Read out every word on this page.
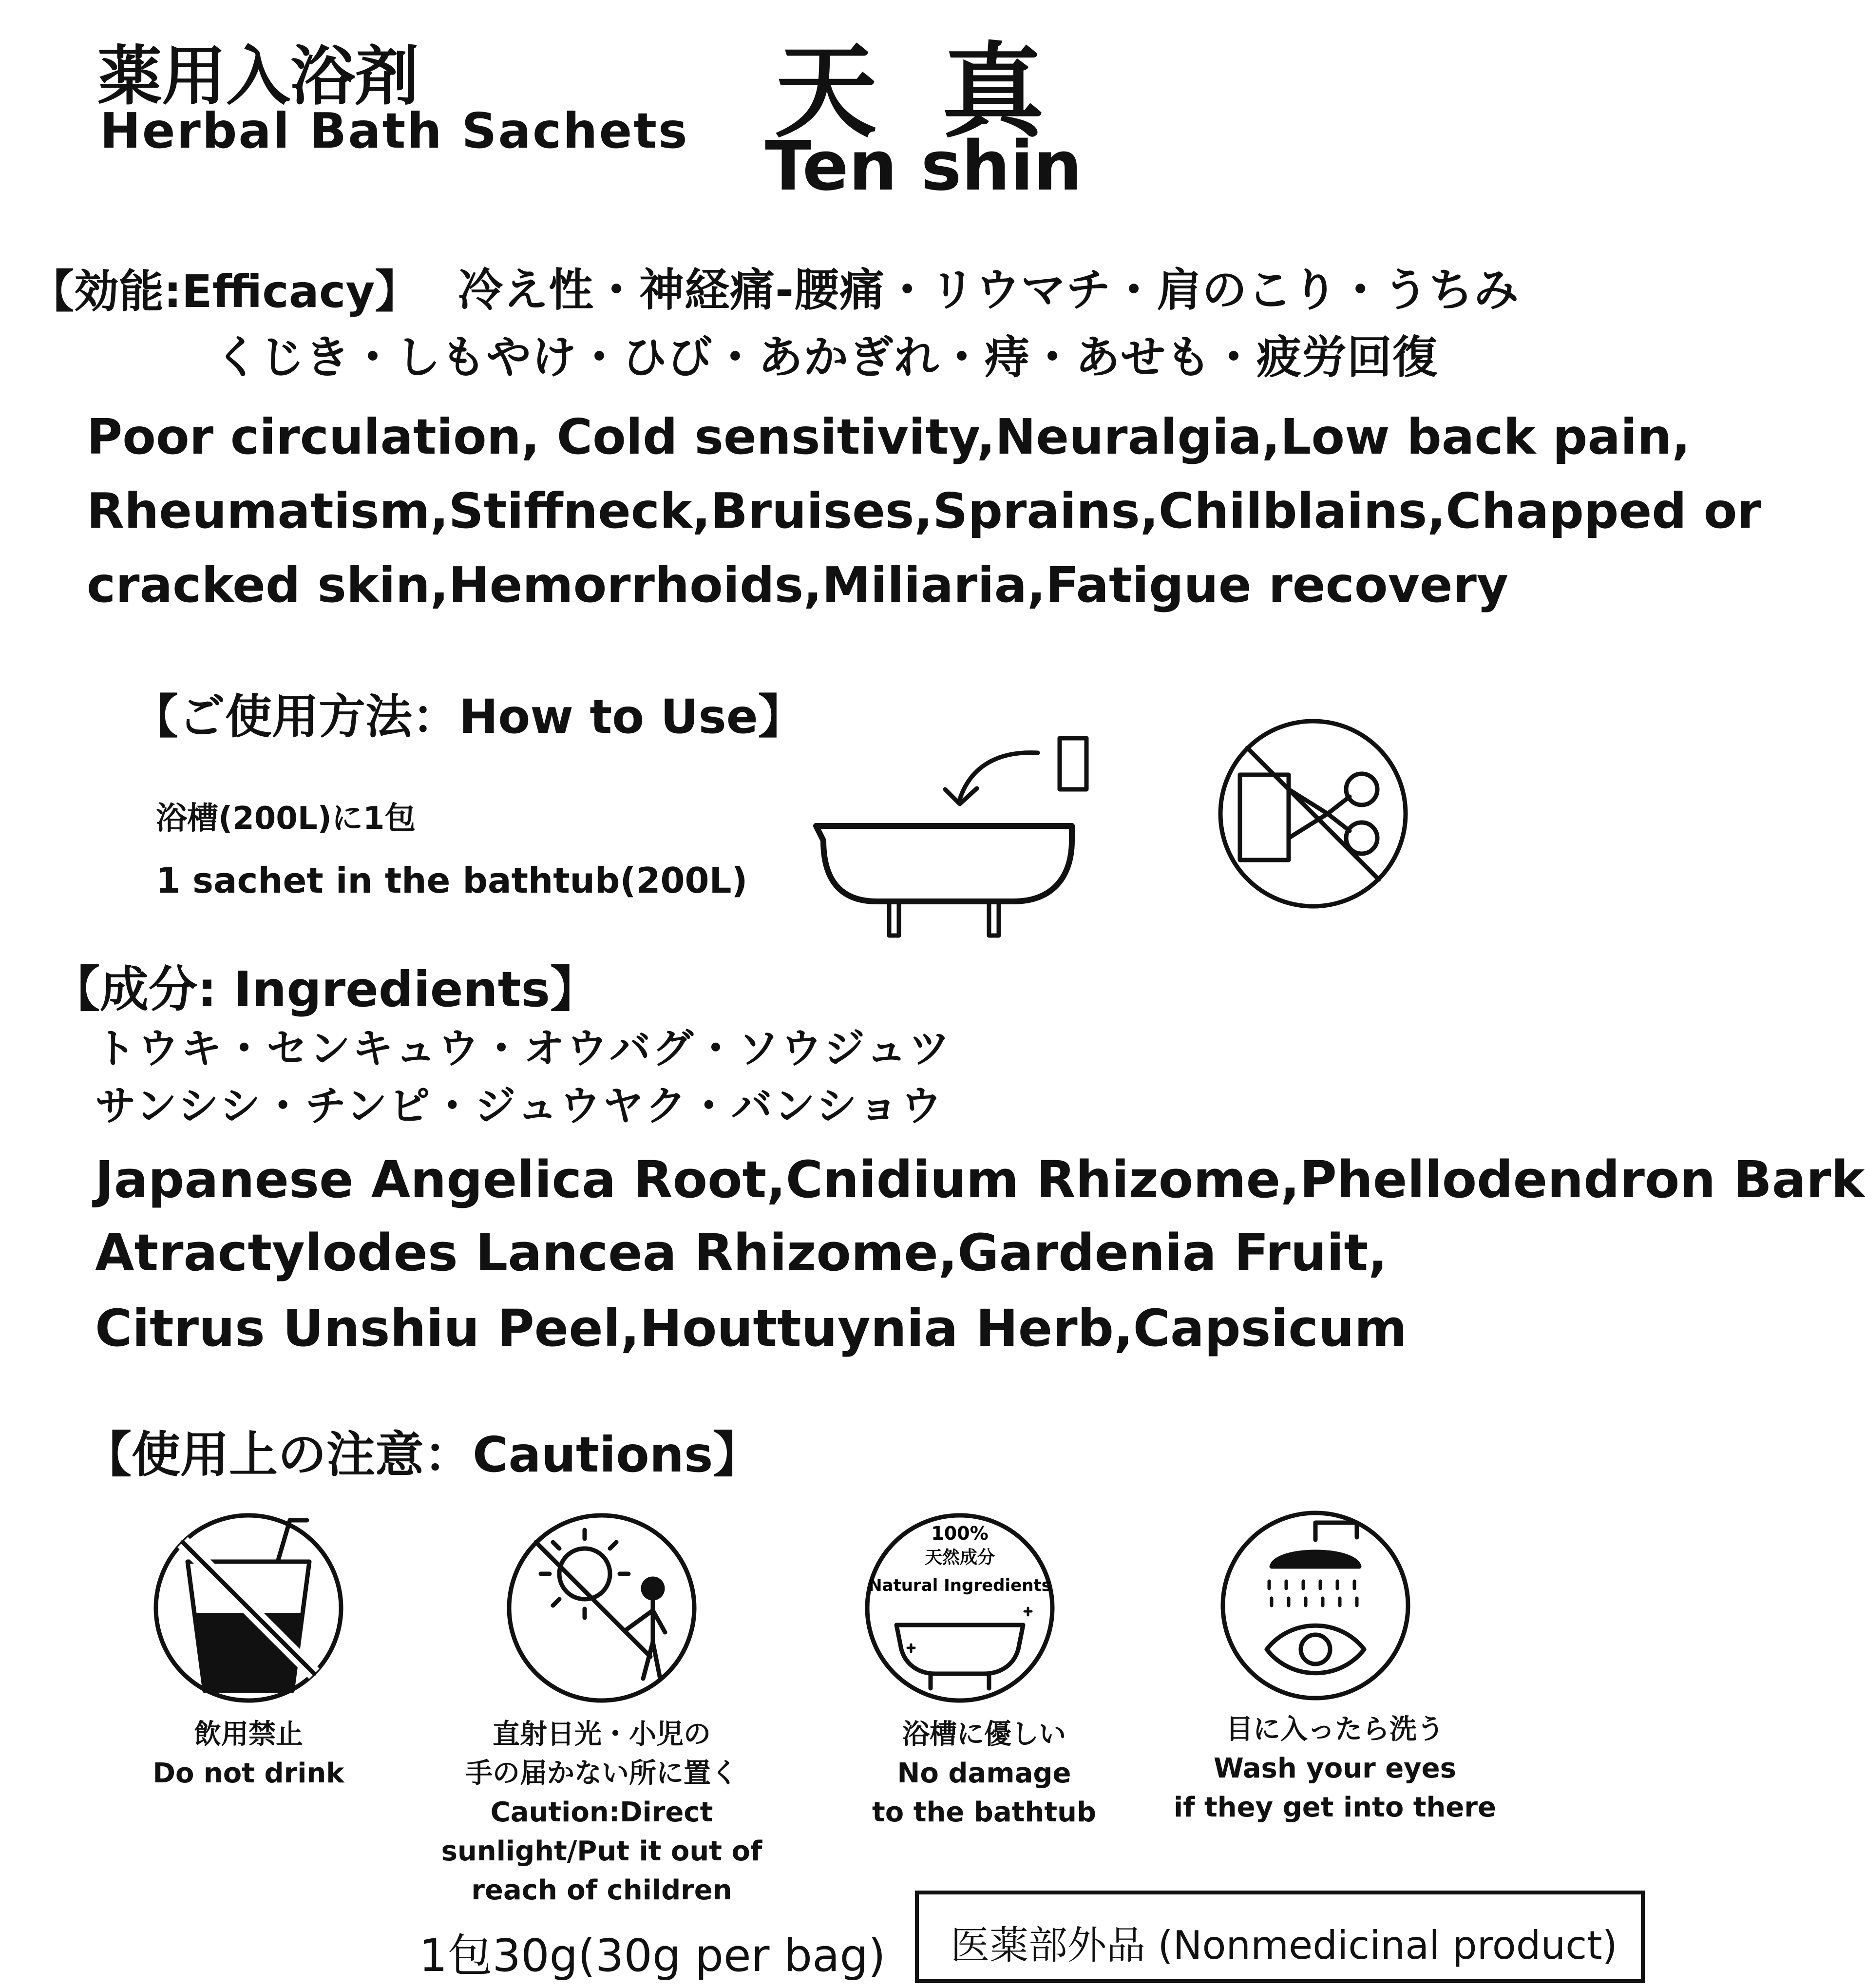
薬用入浴剤
Herbal Bath Sachets 天 真
Ten shin
【効能:Efficacy】 冷え性・神経痛-腰痛・リウマチ・肩のこり・うちみ
くじき・しもやけ・ひび・あかぎれ・痔・あせも・疲労回復
Poor circulation, Cold sensitivity,Neuralgia,Low back pain,
Rheumatism,Stiffneck,Bruises,Sprains,Chilblains,Chapped or
cracked skin,Hemorrhoids,Miliaria,Fatigue recovery
【ご使用方法：How to Use】
浴槽(200L)に1包
1 sachet in the bathtub(200L)
【成分: Ingredients】
トウキ・センキュウ・オウバグ・ソウジュツ
サンシシ・チンピ・ジュウヤク・バンショウ
Japanese Angelica Root,Cnidium Rhizome,Phellodendron Bark
Atractylodes Lancea Rhizome,Gardenia Fruit,
Citrus Unshiu Peel,Houttuynia Herb,Capsicum
【使用上の注意：Cautions】
100%
天然成分
Natural Ingredients
飲用禁止
Do not drink
直射日光・小児の
手の届かない所に置く
Caution:Direct
sunlight/Put it out of
reach of children
浴槽に優しい
No damage
to the bathtub
目に入ったら洗う
Wash your eyes
if they get into there
1包30g(30g per bag) 医薬部外品 (Nonmedicinal product)
